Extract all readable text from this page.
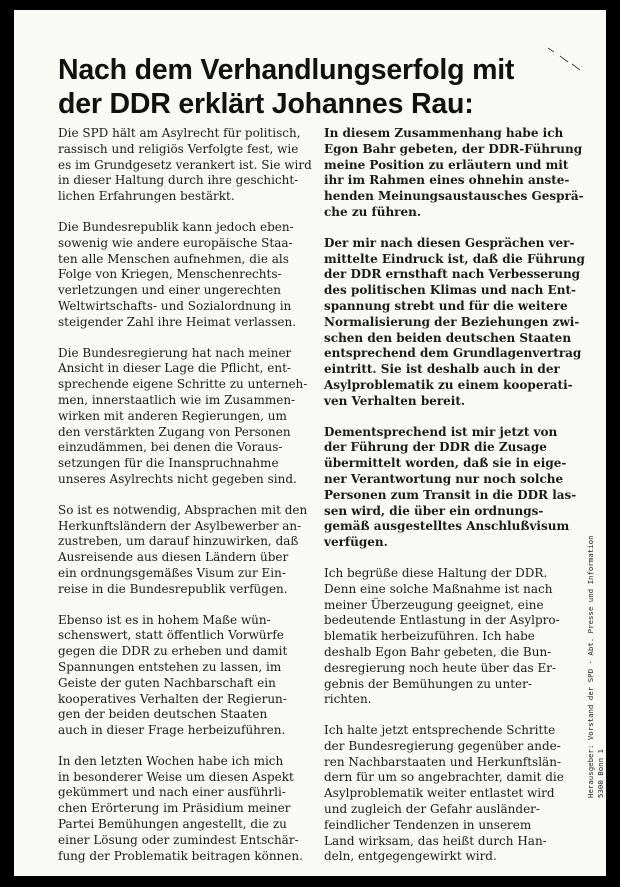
Nach dem Verhandlungserfolg mit
der DDR erklärt Johannes Rau:

Die SPD hält am Asylrecht für politisch,
rassisch und religiös Verfolgte fest, wie
es im Grundgesetz verankert ist. Sie wird
in dieser Haltung durch ihre geschicht-
lichen Erfahrungen bestärkt.

Die Bundesrepublik kann jedoch eben-
sowenig wie andere europäische Staa-
ten alle Menschen aufnehmen, die als
Folge von Kriegen, Menschenrechts-
verletzungen und einer ungerechten
Weltwirtschafts- und Sozialordnung in
steigender Zahl ihre Heimat verlassen.

Die Bundesregierung hat nach meiner
Ansicht in dieser Lage die Pflicht, ent-
sprechende eigene Schritte zu unterneh-
men, innerstaatlich wie im Zusammen-
wirken mit anderen Regierungen, um
den verstärkten Zugang von Personen
einzudämmen, bei denen die Voraus-
setzungen für die Inanspruchnahme
unseres Asylrechts nicht gegeben sind.

So ist es notwendig, Absprachen mit den
Herkunftsländern der Asylbewerber an-
zustreben, um darauf hinzuwirken, daß
Ausreisende aus diesen Ländern über
ein ordnungsgemäßes Visum zur Ein-
reise in die Bundesrepublik verfügen.

Ebenso ist es in hohem Maße wün-
schenswert, statt öffentlich Vorwürfe
gegen die DDR zu erheben und damit
Spannungen entstehen zu lassen, im
Geiste der guten Nachbarschaft ein
kooperatives Verhalten der Regierun-
gen der beiden deutschen Staaten
auch in dieser Frage herbeizuführen.

In den letzten Wochen habe ich mich
in besonderer Weise um diesen Aspekt
gekümmert und nach einer ausführli-
chen Erörterung im Präsidium meiner
Partei Bemühungen angestellt, die zu
einer Lösung oder zumindest Entschär-
fung der Problematik beitragen können.

In diesem Zusammenhang habe ich
Egon Bahr gebeten, der DDR-Führung
meine Position zu erläutern und mit
ihr im Rahmen eines ohnehin anste-
henden Meinungsaustausches Gesprä-
che zu führen.

Der mir nach diesen Gesprächen ver-
mittelte Eindruck ist, daß die Führung
der DDR ernsthaft nach Verbesserung
des politischen Klimas und nach Ent-
spannung strebt und für die weitere
Normalisierung der Beziehungen zwi-
schen den beiden deutschen Staaten
entsprechend dem Grundlagenvertrag
eintritt. Sie ist deshalb auch in der
Asylproblematik zu einem kooperati-
ven Verhalten bereit.

Dementsprechend ist mir jetzt von
der Führung der DDR die Zusage
übermittelt worden, daß sie in eige-
ner Verantwortung nur noch solche
Personen zum Transit in die DDR las-
sen wird, die über ein ordnungs-
gemäß ausgestelltes Anschlußvisum
verfügen.

Ich begrüße diese Haltung der DDR.
Denn eine solche Maßnahme ist nach
meiner Überzeugung geeignet, eine
bedeutende Entlastung in der Asylpro-
blematik herbeizuführen. Ich habe
deshalb Egon Bahr gebeten, die Bun-
desregierung noch heute über das Er-
gebnis der Bemühungen zu unter-
richten.

Ich halte jetzt entsprechende Schritte
der Bundesregierung gegenüber ande-
ren Nachbarstaaten und Herkunftslän-
dern für um so angebrachter, damit die
Asylproblematik weiter entlastet wird
und zugleich der Gefahr ausländer-
feindlicher Tendenzen in unserem
Land wirksam, das heißt durch Han-
deln, entgegengewirkt wird.

Herausgeber: Vorstand der SPD · Abt. Presse und Information 5300 Bonn 1
